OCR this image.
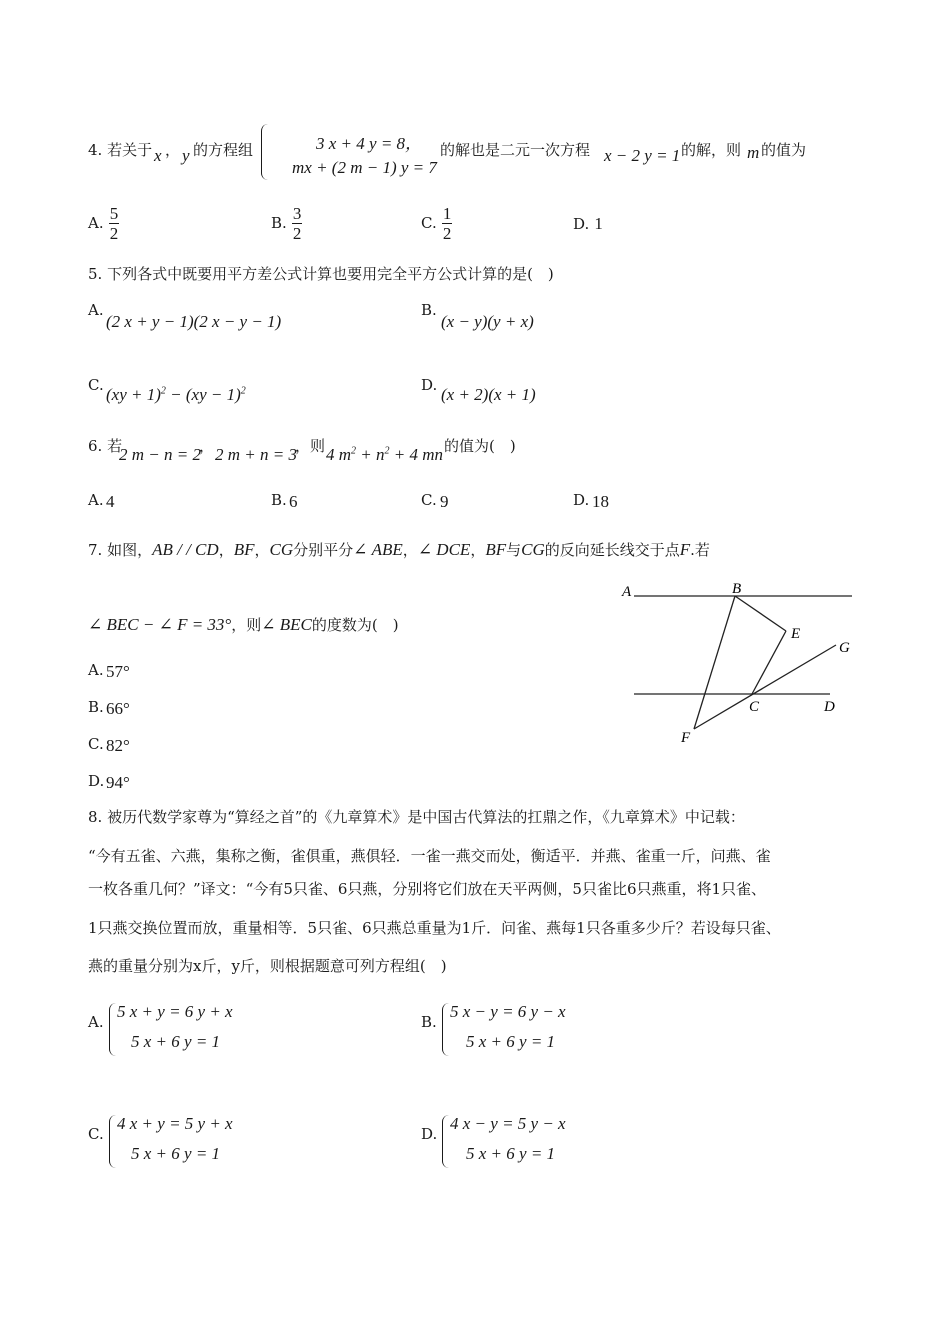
4. 若关于 x ， y 的方程组	3 x + 4 y = 8，
mx + (2 m − 1) y = 7
的解也是二元一次方程 x − 2 y = 1 的解，则 m 的值为
A. $\frac{5}{2}$	B. $\frac{3}{2}$	C. $\frac{1}{2}$	D. 1
5. 下列各式中既要用平方差公式计算也要用完全平方公式计算的是(　)
A.
(2 x + y − 1)(2 x − y − 1)
B.
(x − y)(y + x)
C. (xy + 1)$^2$ − (xy − 1)$^2$	D. (x + 2)(x + 1)
6. 若
2 m − n = 2
， 2 m + n = 3
，则 4 $m^2 + n^2 + 4$ mn 的值为(　)
A. 4	B. 6	C. 9	D. 18
7. 如图，AB / / CD，BF，CG分别平分∠ ABE，∠ DCE，BF与CG的反向延长线交于点F.若
∠ BEC − ∠ F = 33°，则∠ BEC的度数为(　)
A. 57°
B. 66°
C. 82°
D. 94°
A	B
E
G
C	D
F
8. 被历代数学家尊为“算经之首”的《九章算术》是中国古代算法的扛鼎之作，《九章算术》中记载：
“今有五雀、六燕，集称之衡，雀俱重，燕俱轻．一雀一燕交而处，衡适平．并燕、雀重一斤，问燕、雀
一枚各重几何？”译文：“今有5只雀、6只燕，分别将它们放在天平两侧，5只雀比6只燕重，将1只雀、
1只燕交换位置而放，重量相等．5只雀、6只燕总重量为1斤．问雀、燕每1只各重多少斤？若设每只雀、
燕的重量分别为x斤，y斤，则根据题意可列方程组(　)
A.
5 x + y = 6 y + x
5 x + 6 y = 1
B.
5 x − y = 6 y − x
5 x + 6 y = 1
C.
4 x + y = 5 y + x
5 x + 6 y = 1
D.
4 x − y = 5 y − x
5 x + 6 y = 1
